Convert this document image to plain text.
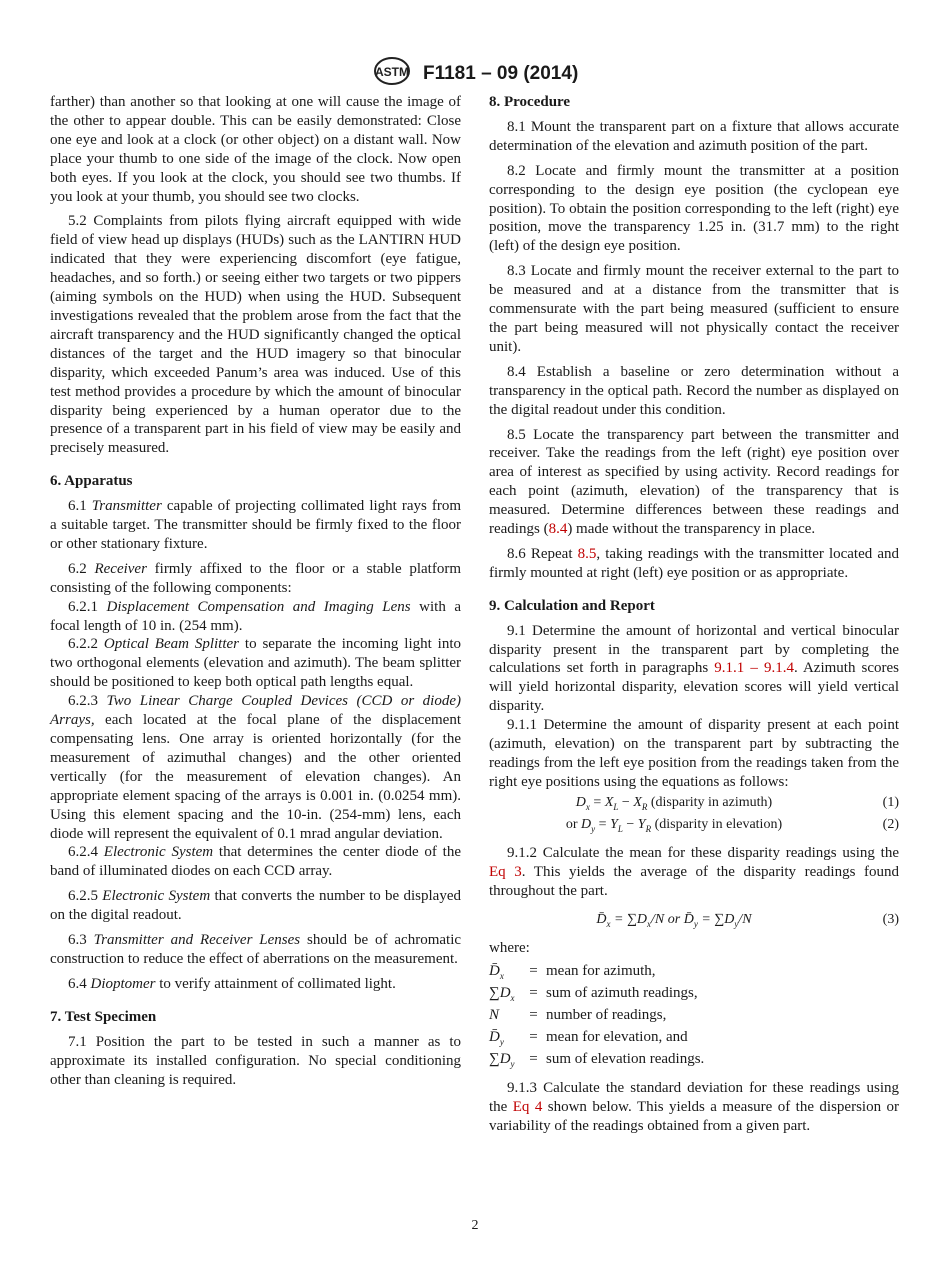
ASTM F1181 – 09 (2014)

farther) than another so that looking at one will cause the image of the other to appear double. This can be easily demonstrated: Close one eye and look at a clock (or other object) on a distant wall. Now place your thumb to one side of the image of the clock. Now open both eyes. If you look at the clock, you should see two thumbs. If you look at your thumb, you should see two clocks.

5.2 Complaints from pilots flying aircraft equipped with wide field of view head up displays (HUDs) such as the LANTIRN HUD indicated that they were experiencing discomfort (eye fatigue, headaches, and so forth.) or seeing either two targets or two pippers (aiming symbols on the HUD) when using the HUD. Subsequent investigations revealed that the problem arose from the fact that the aircraft transparency and the HUD significantly changed the optical distances of the target and the HUD imagery so that binocular disparity, which exceeded Panum’s area was induced. Use of this test method provides a procedure by which the amount of binocular disparity being experienced by a human operator due to the presence of a transparent part in his field of view may be easily and precisely measured.

6. Apparatus

6.1 Transmitter capable of projecting collimated light rays from a suitable target. The transmitter should be firmly fixed to the floor or other stationary fixture.

6.2 Receiver firmly affixed to the floor or a stable platform consisting of the following components:

6.2.1 Displacement Compensation and Imaging Lens with a focal length of 10 in. (254 mm).

6.2.2 Optical Beam Splitter to separate the incoming light into two orthogonal elements (elevation and azimuth). The beam splitter should be positioned to keep both optical path lengths equal.

6.2.3 Two Linear Charge Coupled Devices (CCD or diode) Arrays, each located at the focal plane of the displacement compensating lens. One array is oriented horizontally (for the measurement of azimuthal changes) and the other oriented vertically (for the measurement of elevation changes). An appropriate element spacing of the arrays is 0.001 in. (0.0254 mm). Using this element spacing and the 10-in. (254-mm) lens, each diode will represent the equivalent of 0.1 mrad angular deviation.

6.2.4 Electronic System that determines the center diode of the band of illuminated diodes on each CCD array.

6.2.5 Electronic System that converts the number to be displayed on the digital readout.

6.3 Transmitter and Receiver Lenses should be of achromatic construction to reduce the effect of aberrations on the measurement.

6.4 Dioptomer to verify attainment of collimated light.

7. Test Specimen

7.1 Position the part to be tested in such a manner as to approximate its installed configuration. No special conditioning other than cleaning is required.

8. Procedure

8.1 Mount the transparent part on a fixture that allows accurate determination of the elevation and azimuth position of the part.

8.2 Locate and firmly mount the transmitter at a position corresponding to the design eye position (the cyclopean eye position). To obtain the position corresponding to the left (right) eye position, move the transparency 1.25 in. (31.7 mm) to the right (left) of the design eye position.

8.3 Locate and firmly mount the receiver external to the part to be measured and at a distance from the transmitter that is commensurate with the part being measured (sufficient to ensure the part being measured will not physically contact the receiver unit).

8.4 Establish a baseline or zero determination without a transparency in the optical path. Record the number as displayed on the digital readout under this condition.

8.5 Locate the transparency part between the transmitter and receiver. Take the readings from the left (right) eye position over area of interest as specified by using activity. Record readings for each point (azimuth, elevation) of the transparency that is measured. Determine differences between these readings and readings (8.4) made without the transparency in place.

8.6 Repeat 8.5, taking readings with the transmitter located and firmly mounted at right (left) eye position or as appropriate.

9. Calculation and Report

9.1 Determine the amount of horizontal and vertical binocular disparity present in the transparent part by completing the calculations set forth in paragraphs 9.1.1 – 9.1.4. Azimuth scores will yield horizontal disparity, elevation scores will yield vertical disparity.

9.1.1 Determine the amount of disparity present at each point (azimuth, elevation) on the transparent part by subtracting the readings from the left eye position from the readings taken from the right eye positions using the equations as follows:

$D_x = X_L - X_R$ (disparity in azimuth)	(1)
or $D_y = Y_L - Y_R$ (disparity in elevation)	(2)

9.1.2 Calculate the mean for these disparity readings using the Eq 3. This yields the average of the disparity readings found throughout the part.

$D̄_x = \sum D_x/N$ or $D̄_y = \sum D_y/N$	(3)
where:
$D̄_x$	= mean for azimuth,
$\sum D_x$ = sum of azimuth readings,
N	= number of readings,
$D̄_y$	= mean for elevation, and
$\sum D_y$ = sum of elevation readings.

9.1.3 Calculate the standard deviation for these readings using the Eq 4 shown below. This yields a measure of the dispersion or variability of the readings obtained from a given part.

2
